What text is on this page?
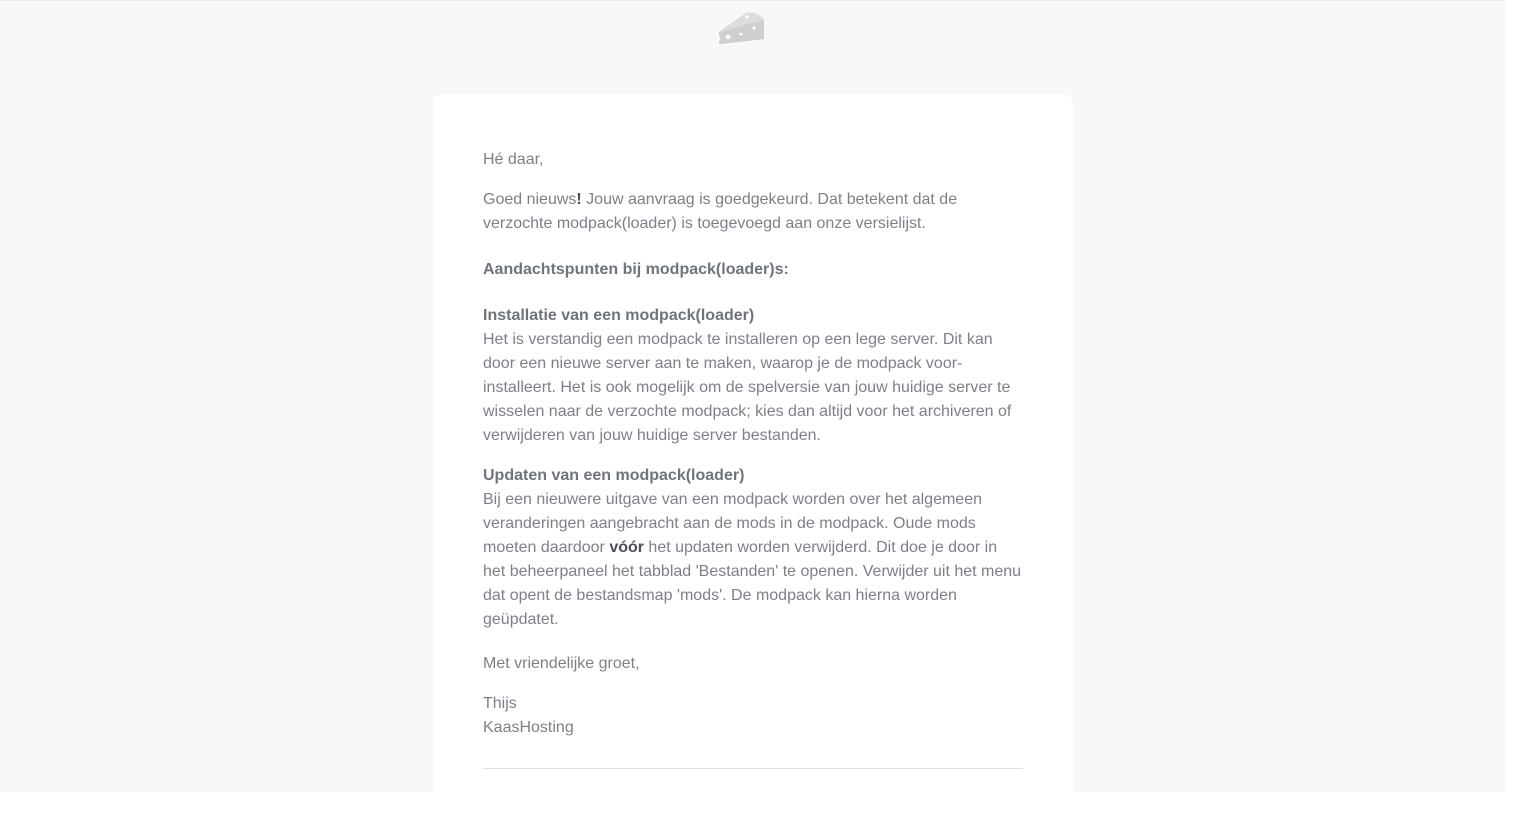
Hé daar,

Goed nieuws! Jouw aanvraag is goedgekeurd. Dat betekent dat de verzochte modpack(loader) is toegevoegd aan onze versielijst.

Aandachtspunten bij modpack(loader)s:

Installatie van een modpack(loader)
Het is verstandig een modpack te installeren op een lege server. Dit kan door een nieuwe server aan te maken, waarop je de modpack voor-installeert. Het is ook mogelijk om de spelversie van jouw huidige server te wisselen naar de verzochte modpack; kies dan altijd voor het archiveren of verwijderen van jouw huidige server bestanden.

Updaten van een modpack(loader)
Bij een nieuwere uitgave van een modpack worden over het algemeen veranderingen aangebracht aan de mods in de modpack. Oude mods moeten daardoor vóór het updaten worden verwijderd. Dit doe je door in het beheerpaneel het tabblad 'Bestanden' te openen. Verwijder uit het menu dat opent de bestandsmap 'mods'. De modpack kan hierna worden geüpdatet.

Met vriendelijke groet,

Thijs
KaasHosting
